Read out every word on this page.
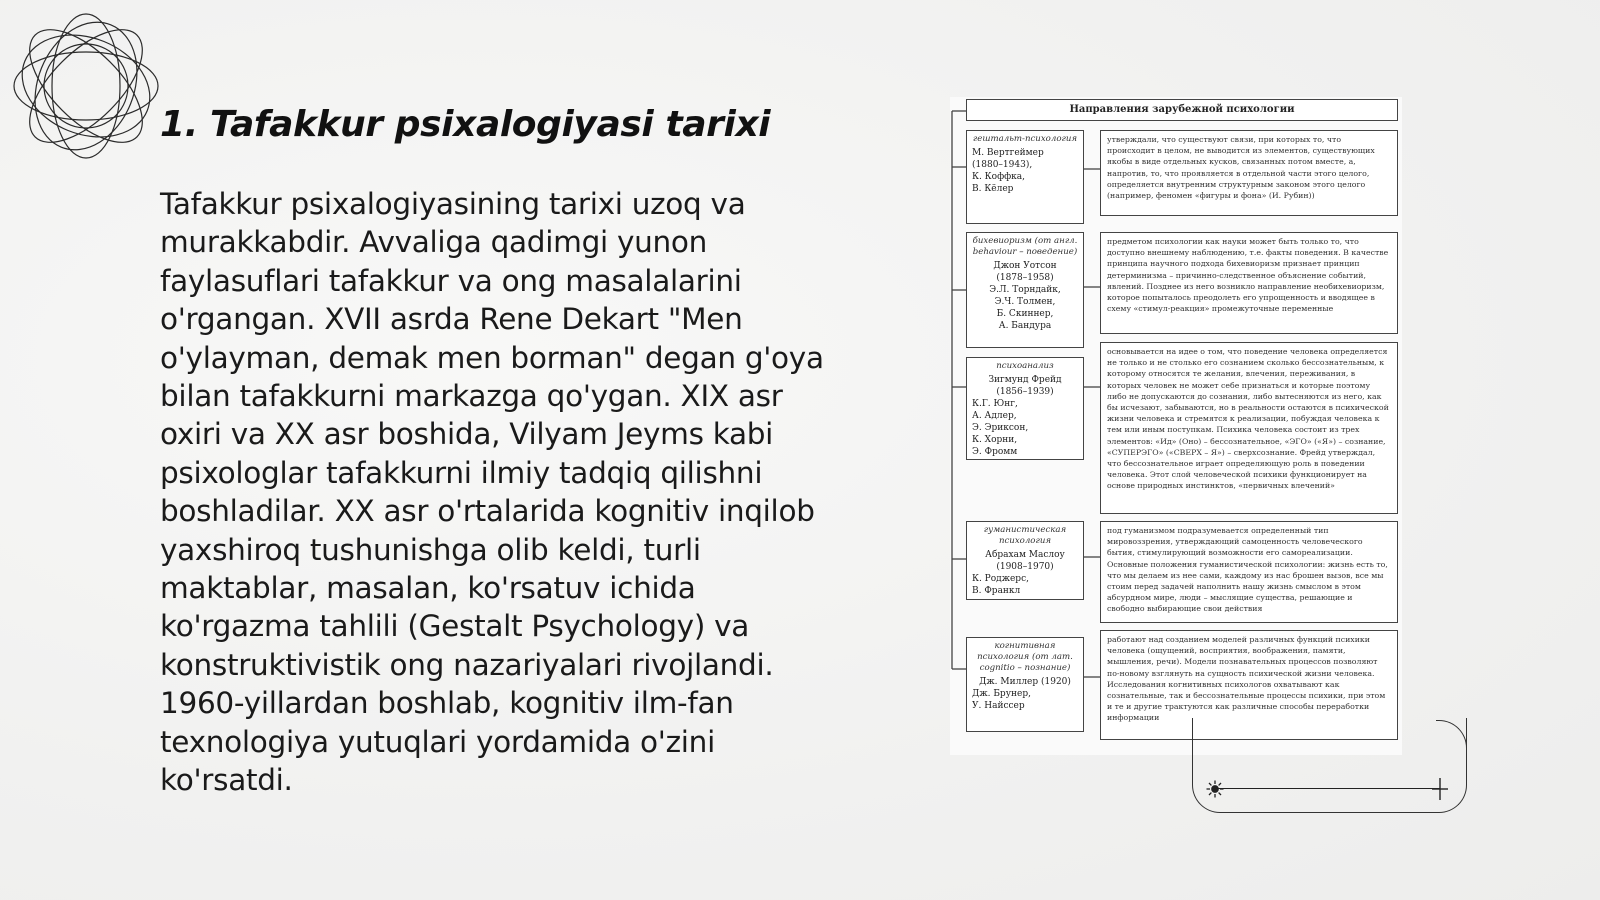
1. Tafakkur psixalogiyasi tarixi

Tafakkur psixalogiyasining tarixi uzoq va murakkabdir. Avvaliga qadimgi yunon faylasuflari tafakkur va ong masalalarini o'rgangan. XVII asrda Rene Dekart "Men o'ylayman, demak men borman" degan g'oya bilan tafakkurni markazga qo'ygan. XIX asr oxiri va XX asr boshida, Vilyam Jeyms kabi psixologlar tafakkurni ilmiy tadqiq qilishni boshladilar. XX asr o'rtalarida kognitiv inqilob yaxshiroq tushunishga olib keldi, turli maktablar, masalan, ko'rsatuv ichida ko'rgazma tahlili (Gestalt Psychology) va konstruktivistik ong nazariyalari rivojlandi. 1960-yillardan boshlab, kognitiv ilm-fan texnologiya yutuqlari yordamida o'zini ko'rsatdi.

Направления зарубежной психологии
гештальт-психология
М. Вертгеймер
(1880–1943),
К. Коффка,
В. Кёлер
утверждали, что существуют связи, при которых то, что происходит в целом, не выводится из элементов, существующих якобы в виде отдельных кусков, связанных потом вместе, а, напротив, то, что проявляется в отдельной части этого целого, определяется внутренним структурным законом этого целого (например, феномен «фигуры и фона» (И. Рубин))
бихевиоризм (от англ. behaviour – поведение)
Джон Уотсон
(1878–1958)
Э.Л. Торндайк,
Э.Ч. Толмен,
Б. Скиннер,
А. Бандура
предметом психологии как науки может быть только то, что доступно внешнему наблюдению, т.е. факты поведения. В качестве принципа научного подхода бихевиоризм признает принцип детерминизма – причинно-следственное объяснение событий, явлений. Позднее из него возникло направление необихевиоризм, которое попыталось преодолеть его упрощенность и вводящее в схему «стимул-реакция» промежуточные переменные
психоанализ
Зигмунд Фрейд
(1856–1939)
К.Г. Юнг,
А. Адлер,
Э. Эриксон,
К. Хорни,
Э. Фромм
основывается на идее о том, что поведение человека определяется не только и не столько его сознанием сколько бессознательным, к которому относятся те желания, влечения, переживания, в которых человек не может себе признаться и которые поэтому либо не допускаются до сознания, либо вытесняются из него, как бы исчезают, забываются, но в реальности остаются в психической жизни человека и стремятся к реализации, побуждая человека к тем или иным поступкам. Психика человека состоит из трех элементов: «Ид» (Оно) – бессознательное, «ЭГО» («Я») – сознание, «СУПЕРЭГО» («СВЕРХ – Я») – сверхсознание. Фрейд утверждал, что бессознательное играет определяющую роль в поведении человека. Этот слой человеческой психики функционирует на основе природных инстинктов, «первичных влечений»
гуманистическая психология
Абрахам Маслоу
(1908–1970)
К. Роджерс,
В. Франкл
под гуманизмом подразумевается определенный тип мировоззрения, утверждающий самоценность человеческого бытия, стимулирующий возможности его самореализации. Основные положения гуманистической психологии: жизнь есть то, что мы делаем из нее сами, каждому из нас брошен вызов, все мы стоим перед задачей наполнить нашу жизнь смыслом в этом абсурдном мире, люди – мыслящие существа, решающие и свободно выбирающие свои действия
когнитивная психология (от лат. cognitio – познание)
Дж. Миллер (1920)
Дж. Брунер,
У. Найссер
работают над созданием моделей различных функций психики человека (ощущений, восприятия, воображения, памяти, мышления, речи). Модели познавательных процессов позволяют по-новому взглянуть на сущность психической жизни человека. Исследования когнитивных психологов охватывают как сознательные, так и бессознательные процессы психики, при этом и те и другие трактуются как различные способы переработки информации
